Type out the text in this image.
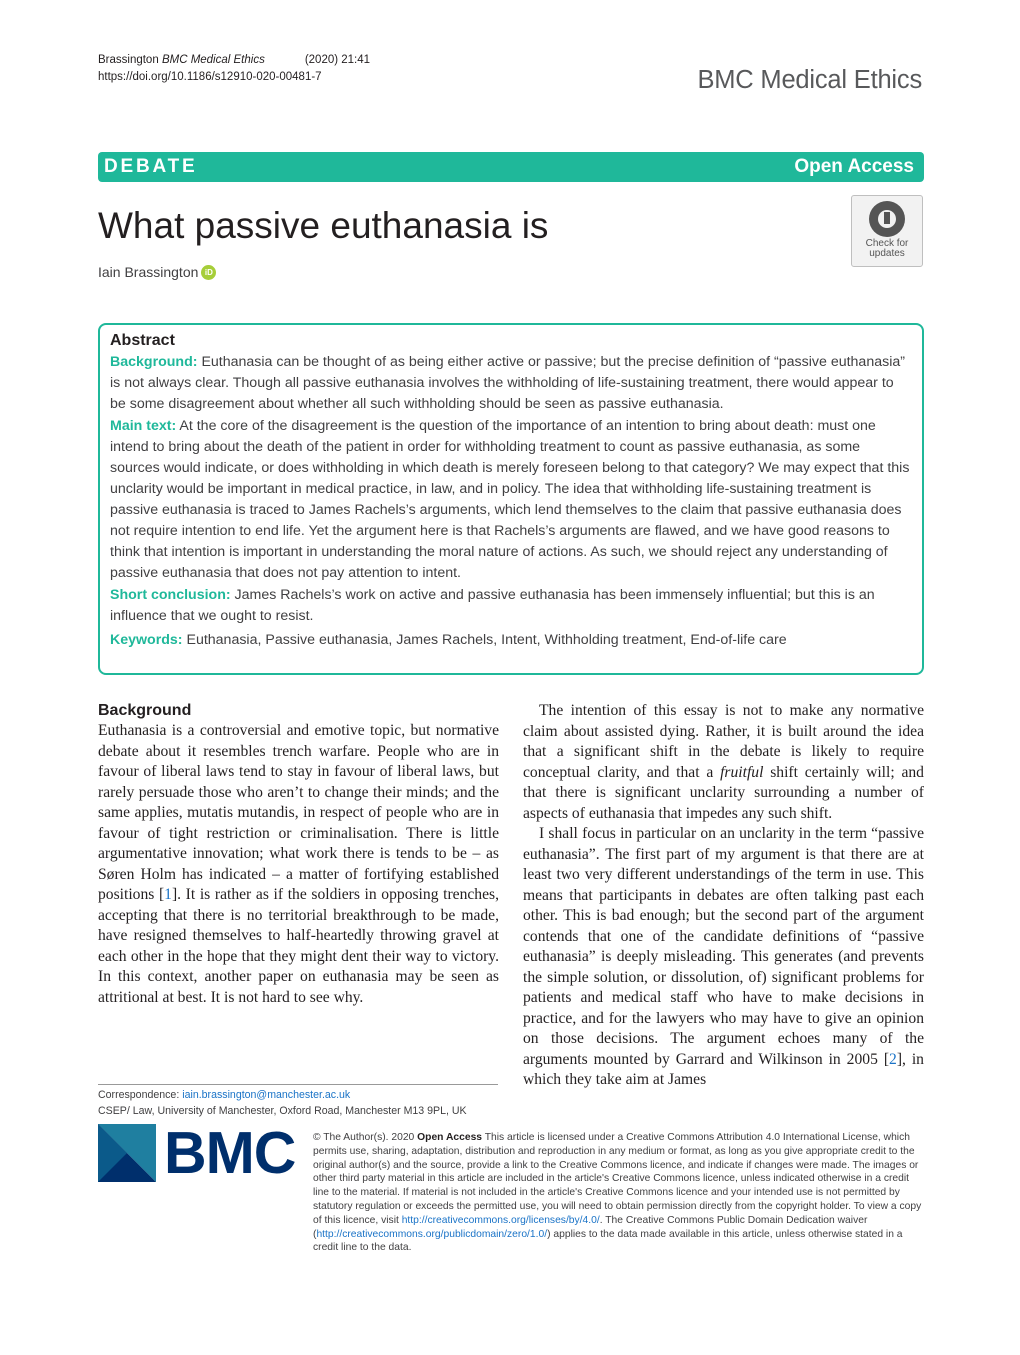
Brassington BMC Medical Ethics	(2020) 21:41
https://doi.org/10.1186/s12910-020-00481-7	BMC Medical Ethics
DEBATE	Open Access
What passive euthanasia is
Iain Brassington iD
Check for
updates
Abstract

Background: Euthanasia can be thought of as being either active or passive; but the precise definition of “passive euthanasia” is not always clear. Though all passive euthanasia involves the withholding of life-sustaining treatment, there would appear to be some disagreement about whether all such withholding should be seen as passive euthanasia.

Main text: At the core of the disagreement is the question of the importance of an intention to bring about death: must one intend to bring about the death of the patient in order for withholding treatment to count as passive euthanasia, as some sources would indicate, or does withholding in which death is merely foreseen belong to that category? We may expect that this unclarity would be important in medical practice, in law, and in policy. The idea that withholding life-sustaining treatment is passive euthanasia is traced to James Rachels’s arguments, which lend themselves to the claim that passive euthanasia does not require intention to end life. Yet the argument here is that Rachels’s arguments are flawed, and we have good reasons to think that intention is important in understanding the moral nature of actions. As such, we should reject any understanding of passive euthanasia that does not pay attention to intent.

Short conclusion: James Rachels’s work on active and passive euthanasia has been immensely influential; but this is an influence that we ought to resist.

Keywords: Euthanasia, Passive euthanasia, James Rachels, Intent, Withholding treatment, End-of-life care

Background

Euthanasia is a controversial and emotive topic, but normative debate about it resembles trench warfare. People who are in favour of liberal laws tend to stay in favour of liberal laws, but rarely persuade those who aren’t to change their minds; and the same applies, mutatis mutandis, in respect of people who are in favour of tight restriction or criminalisation. There is little argumentative innovation; what work there is tends to be – as Søren Holm has indicated – a matter of fortifying established positions [1]. It is rather as if the soldiers in opposing trenches, accepting that there is no territorial breakthrough to be made, have resigned themselves to half-heartedly throwing gravel at each other in the hope that they might dent their way to victory. In this context, another paper on euthanasia may be seen as attritional at best. It is not hard to see why.

The intention of this essay is not to make any normative claim about assisted dying. Rather, it is built around the idea that a significant shift in the debate is likely to require conceptual clarity, and that a fruitful shift certainly will; and that there is significant unclarity surrounding a number of aspects of euthanasia that impedes any such shift.

I shall focus in particular on an unclarity in the term “passive euthanasia”. The first part of my argument is that there are at least two very different understandings of the term in use. This means that participants in debates are often talking past each other. This is bad enough; but the second part of the argument contends that one of the candidate definitions of “passive euthanasia” is deeply misleading. This generates (and prevents the simple solution, or dissolution, of) significant problems for patients and medical staff who have to make decisions in practice, and for the lawyers who may have to give an opinion on those decisions. The argument echoes many of the arguments mounted by Garrard and Wilkinson in 2005 [2], in which they take aim at James

Correspondence: iain.brassington@manchester.ac.uk
CSEP/ Law, University of Manchester, Oxford Road, Manchester M13 9PL, UK
BMC © The Author(s). 2020 Open Access This article is licensed under a Creative Commons Attribution 4.0 International License, which permits use, sharing, adaptation, distribution and reproduction in any medium or format, as long as you give appropriate credit to the original author(s) and the source, provide a link to the Creative Commons licence, and indicate if changes were made. The images or other third party material in this article are included in the article's Creative Commons licence, unless indicated otherwise in a credit line to the material. If material is not included in the article's Creative Commons licence and your intended use is not permitted by statutory regulation or exceeds the permitted use, you will need to obtain permission directly from the copyright holder. To view a copy of this licence, visit http://creativecommons.org/licenses/by/4.0/. The Creative Commons Public Domain Dedication waiver (http://creativecommons.org/publicdomain/zero/1.0/) applies to the data made available in this article, unless otherwise stated in a credit line to the data.
